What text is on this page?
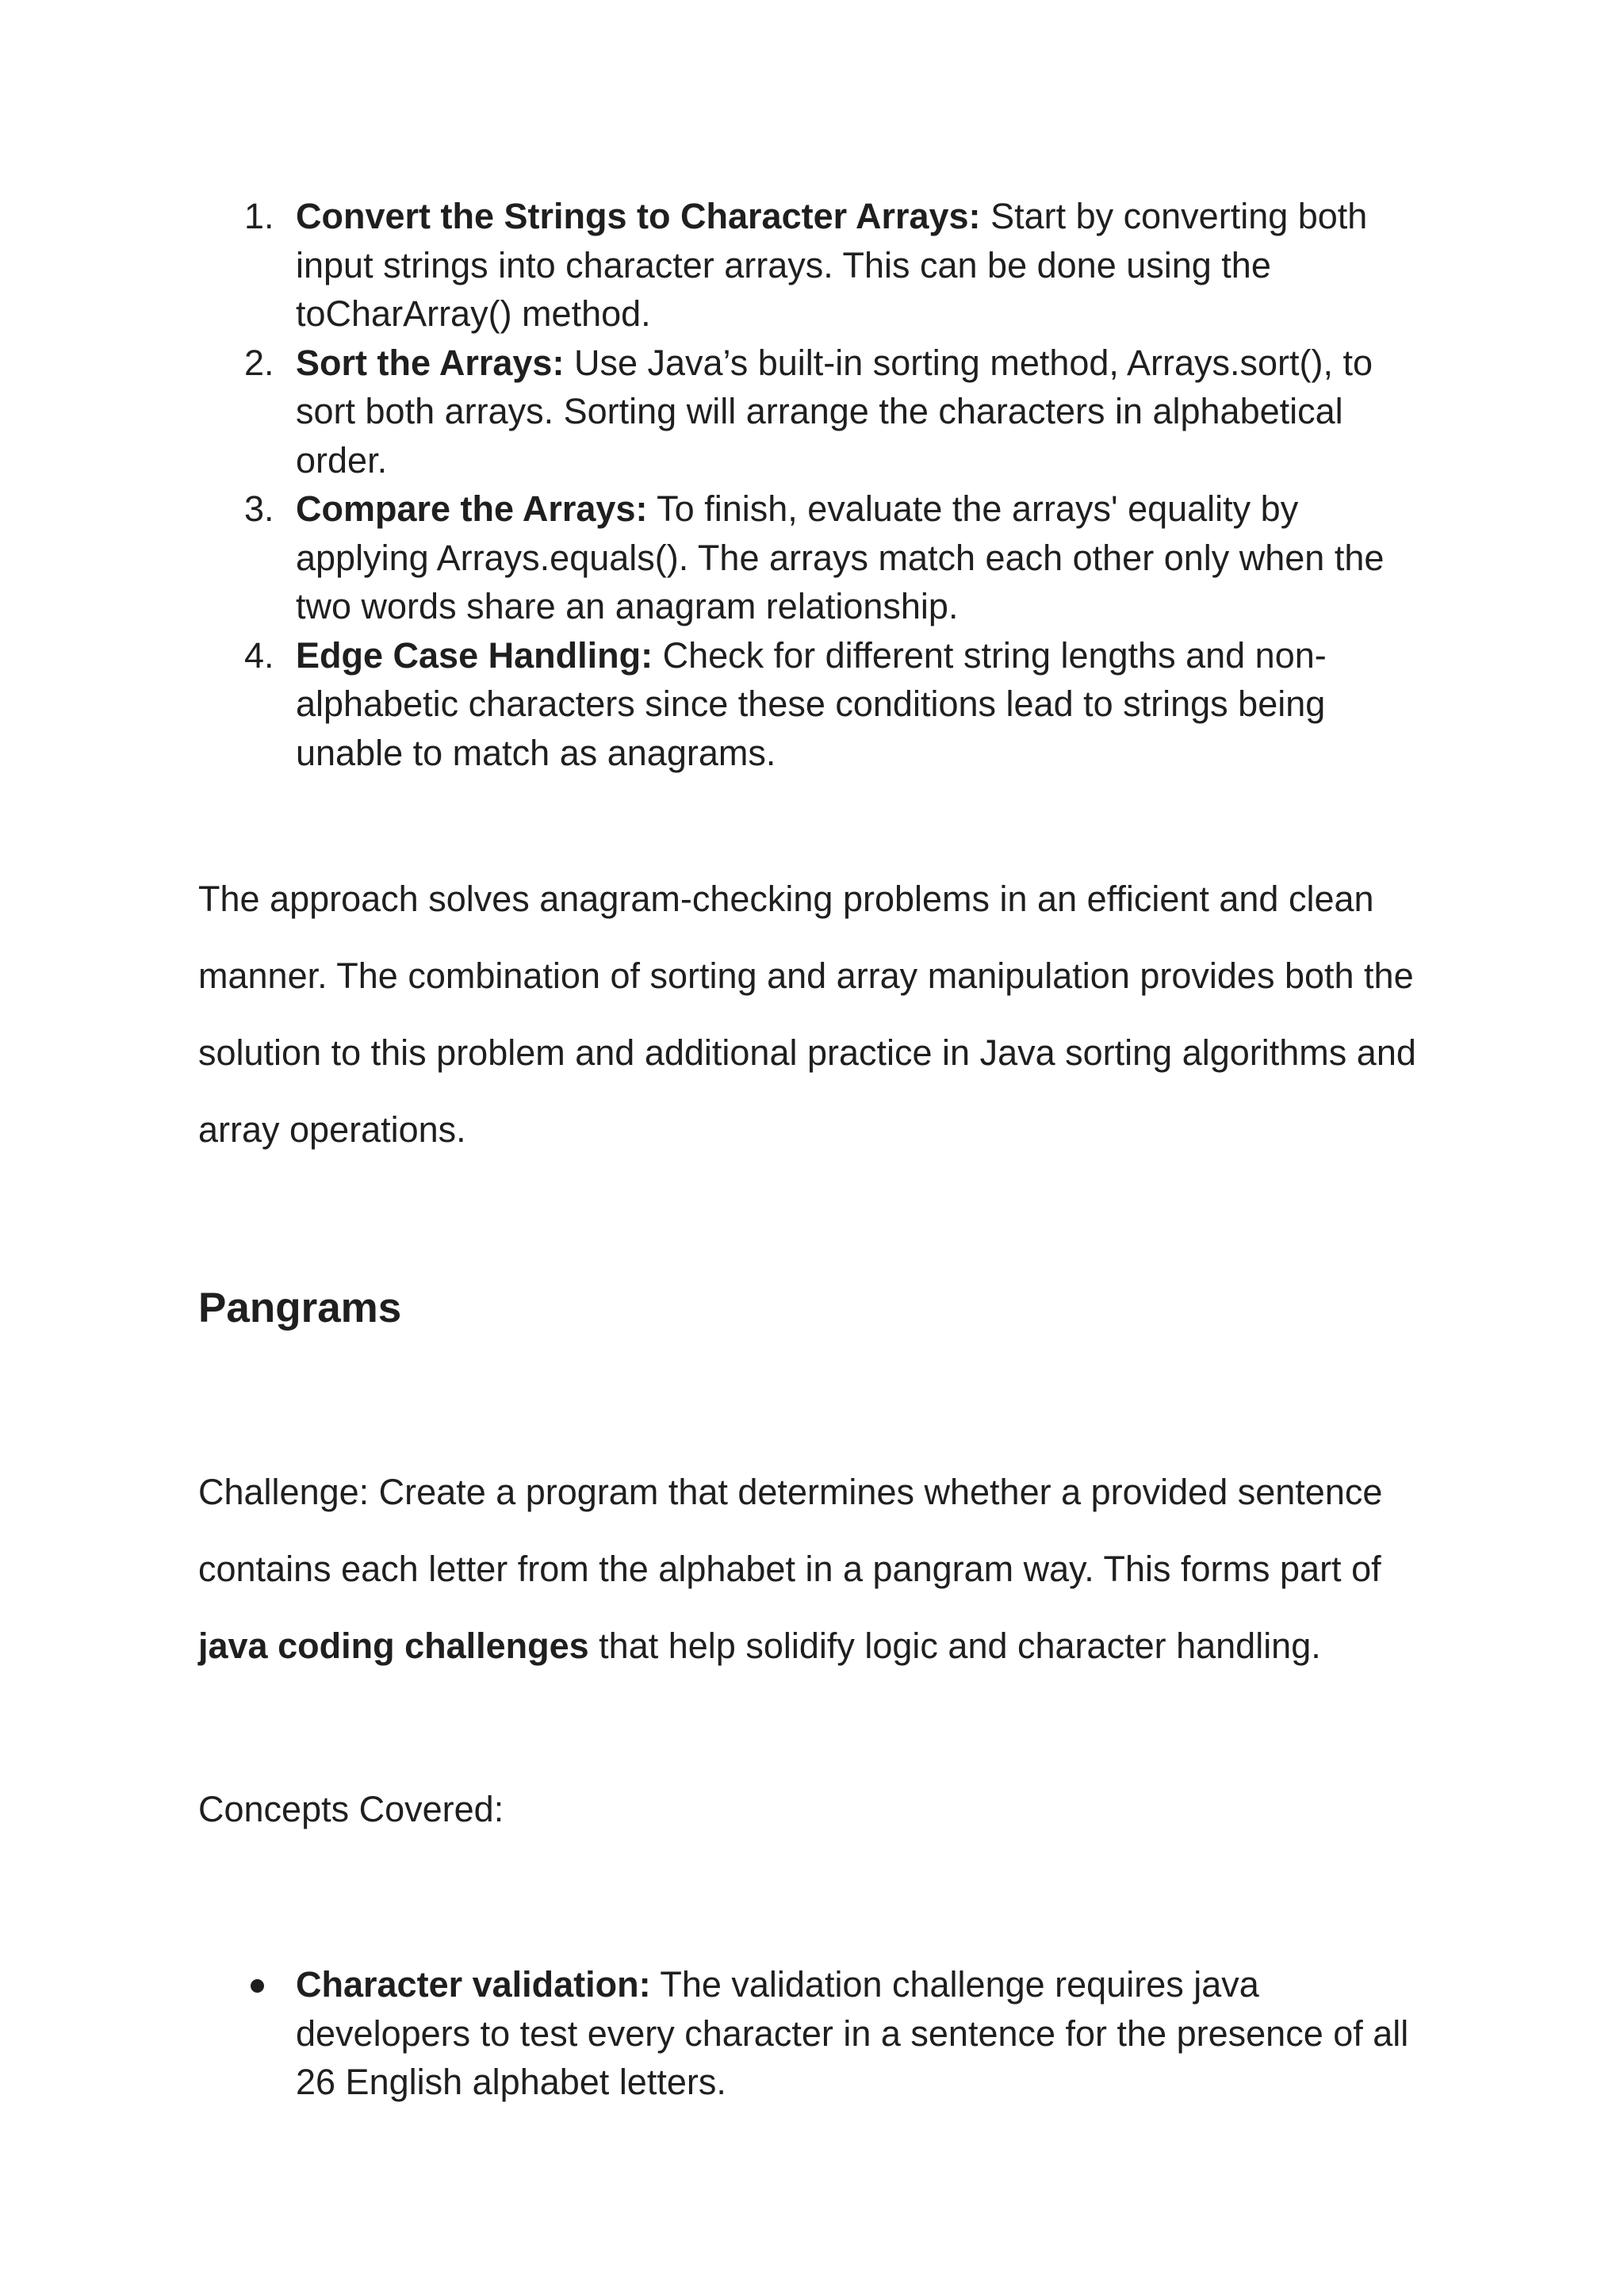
1. Convert the Strings to Character Arrays: Start by converting both input strings into character arrays. This can be done using the toCharArray() method.
2. Sort the Arrays: Use Java’s built-in sorting method, Arrays.sort(), to sort both arrays. Sorting will arrange the characters in alphabetical order.
3. Compare the Arrays: To finish, evaluate the arrays' equality by applying Arrays.equals(). The arrays match each other only when the two words share an anagram relationship.
4. Edge Case Handling: Check for different string lengths and non-alphabetic characters since these conditions lead to strings being unable to match as anagrams.

The approach solves anagram-checking problems in an efficient and clean manner. The combination of sorting and array manipulation provides both the solution to this problem and additional practice in Java sorting algorithms and array operations.

Pangrams

Challenge: Create a program that determines whether a provided sentence contains each letter from the alphabet in a pangram way. This forms part of java coding challenges that help solidify logic and character handling.

Concepts Covered:

Character validation: The validation challenge requires java developers to test every character in a sentence for the presence of all 26 English alphabet letters.
